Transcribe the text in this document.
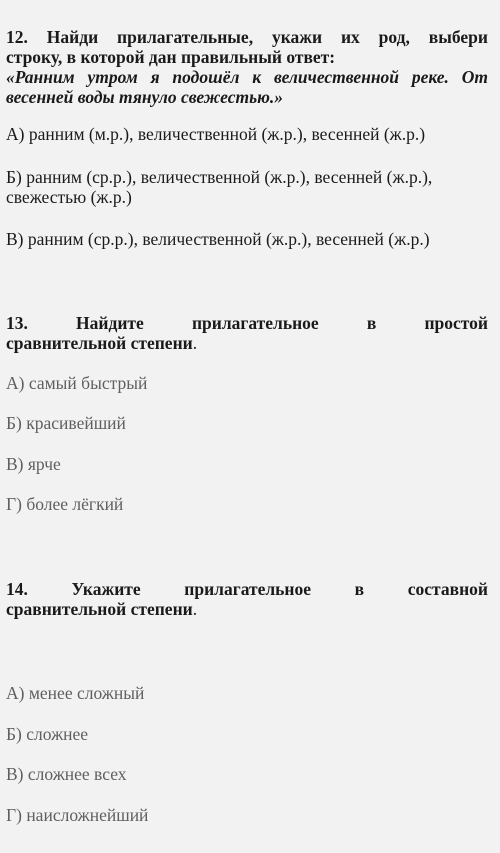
12. Найди прилагательные, укажи их род, выбери
строку, в которой дан правильный ответ:
«Ранним утром я подошёл к величественной реке. От
весенней воды тянуло свежестью.»
А) ранним (м.р.), величественной (ж.р.), весенней (ж.р.)
Б) ранним (ср.р.), величественной (ж.р.), весенней (ж.р.),
свежестью (ж.р.)
В) ранним (ср.р.), величественной (ж.р.), весенней (ж.р.)
13. Найдите прилагательное в простой
сравнительной степени.
А) самый быстрый
Б) красивейший
В) ярче
Г) более лёгкий
14. Укажите прилагательное в составной
сравнительной степени.
А) менее сложный
Б) сложнее
В) сложнее всех
Г) наисложнейший
